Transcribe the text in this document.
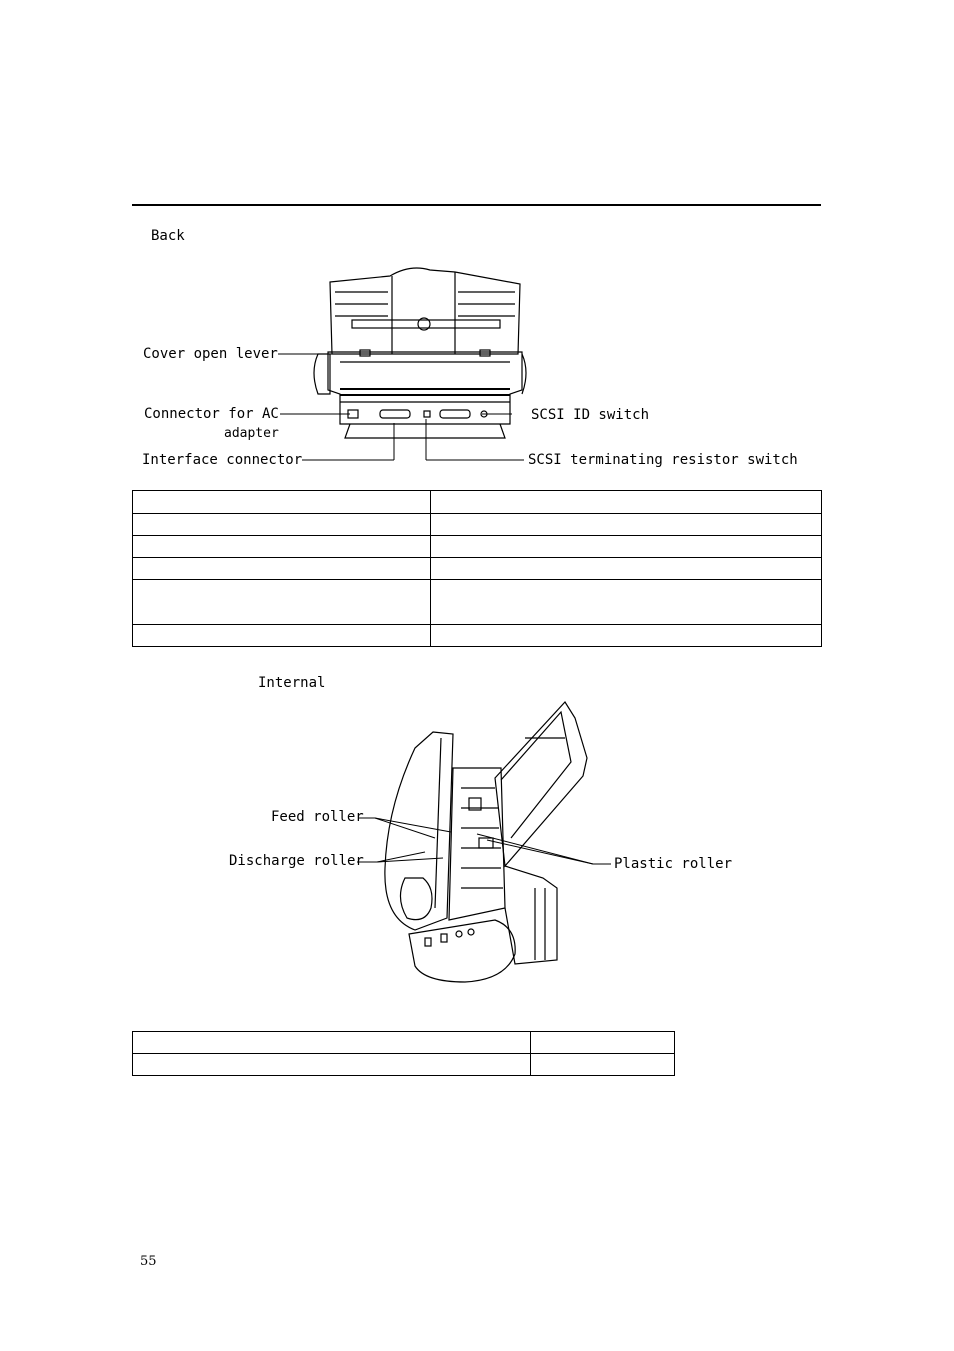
Back
Cover open lever
Connector for AC
adapter
Interface connector
SCSI ID switch
SCSI terminating resistor switch

Internal
Feed roller
Discharge roller	Plastic roller

55
